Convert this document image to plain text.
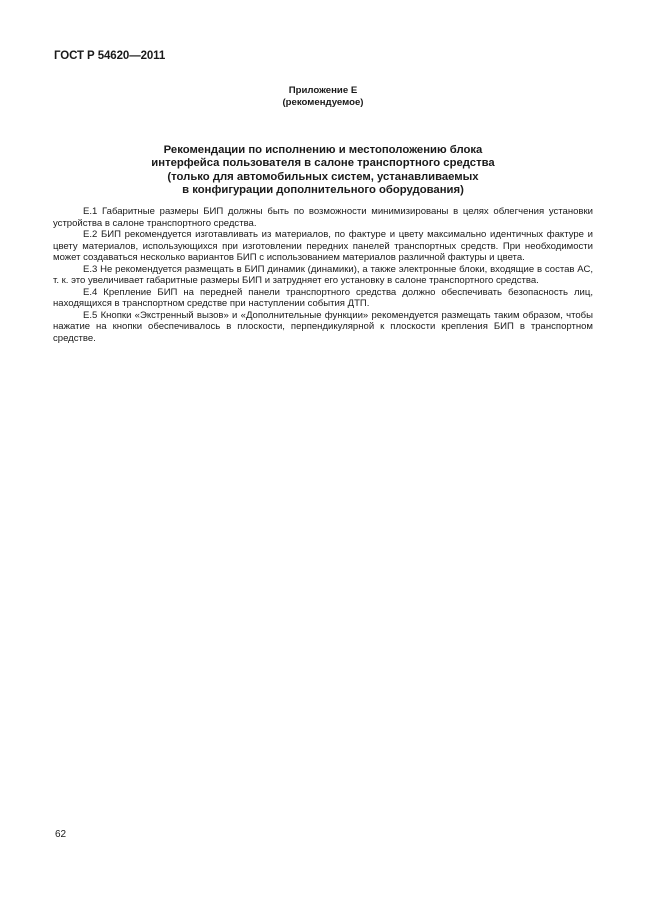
ГОСТ Р 54620—2011
Приложение Е
(рекомендуемое)
Рекомендации по исполнению и местоположению блока
интерфейса пользователя в салоне транспортного средства
(только для автомобильных систем, устанавливаемых
в конфигурации дополнительного оборудования)

Е.1 Габаритные размеры БИП должны быть по возможности минимизированы в целях облегчения установки устройства в салоне транспортного средства.

Е.2 БИП рекомендуется изготавливать из материалов, по фактуре и цвету максимально идентичных фактуре и цвету материалов, использующихся при изготовлении передних панелей транспортных средств. При необходимости может создаваться несколько вариантов БИП с использованием материалов различной фактуры и цвета.

Е.3 Не рекомендуется размещать в БИП динамик (динамики), а также электронные блоки, входящие в состав АС, т. к. это увеличивает габаритные размеры БИП и затрудняет его установку в салоне транспортного средства.

Е.4 Крепление БИП на передней панели транспортного средства должно обеспечивать безопасность лиц, находящихся в транспортном средстве при наступлении события ДТП.

Е.5 Кнопки «Экстренный вызов» и «Дополнительные функции» рекомендуется размещать таким образом, чтобы нажатие на кнопки обеспечивалось в плоскости, перпендикулярной к плоскости крепления БИП в транспортном средстве.

62
